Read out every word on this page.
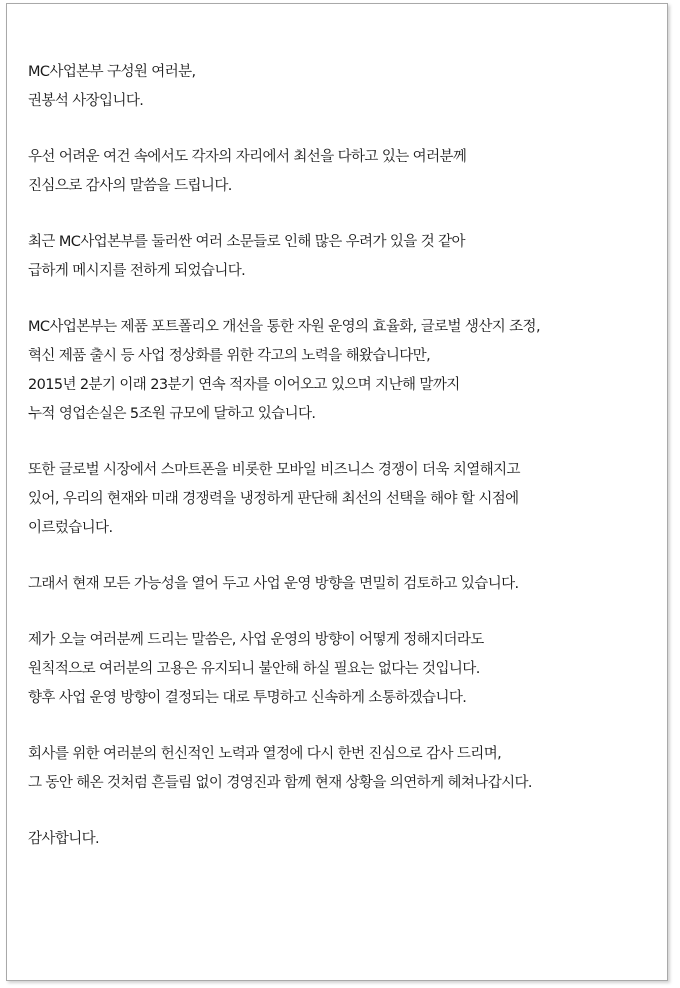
MC사업본부 구성원 여러분,
권봉석 사장입니다.
우선 어려운 여건 속에서도 각자의 자리에서 최선을 다하고 있는 여러분께
진심으로 감사의 말씀을 드립니다.
최근 MC사업본부를 둘러싼 여러 소문들로 인해 많은 우려가 있을 것 같아
급하게 메시지를 전하게 되었습니다.
MC사업본부는 제품 포트폴리오 개선을 통한 자원 운영의 효율화, 글로벌 생산지 조정,
혁신 제품 출시 등 사업 정상화를 위한 각고의 노력을 해왔습니다만,
2015년 2분기 이래 23분기 연속 적자를 이어오고 있으며 지난해 말까지
누적 영업손실은 5조원 규모에 달하고 있습니다.
또한 글로벌 시장에서 스마트폰을 비롯한 모바일 비즈니스 경쟁이 더욱 치열해지고
있어, 우리의 현재와 미래 경쟁력을 냉정하게 판단해 최선의 선택을 해야 할 시점에
이르렀습니다.
그래서 현재 모든 가능성을 열어 두고 사업 운영 방향을 면밀히 검토하고 있습니다.
제가 오늘 여러분께 드리는 말씀은, 사업 운영의 방향이 어떻게 정해지더라도
원칙적으로 여러분의 고용은 유지되니 불안해 하실 필요는 없다는 것입니다.
향후 사업 운영 방향이 결정되는 대로 투명하고 신속하게 소통하겠습니다.
회사를 위한 여러분의 헌신적인 노력과 열정에 다시 한번 진심으로 감사 드리며,
그 동안 해온 것처럼 흔들림 없이 경영진과 함께 현재 상황을 의연하게 헤쳐나갑시다.
감사합니다.
